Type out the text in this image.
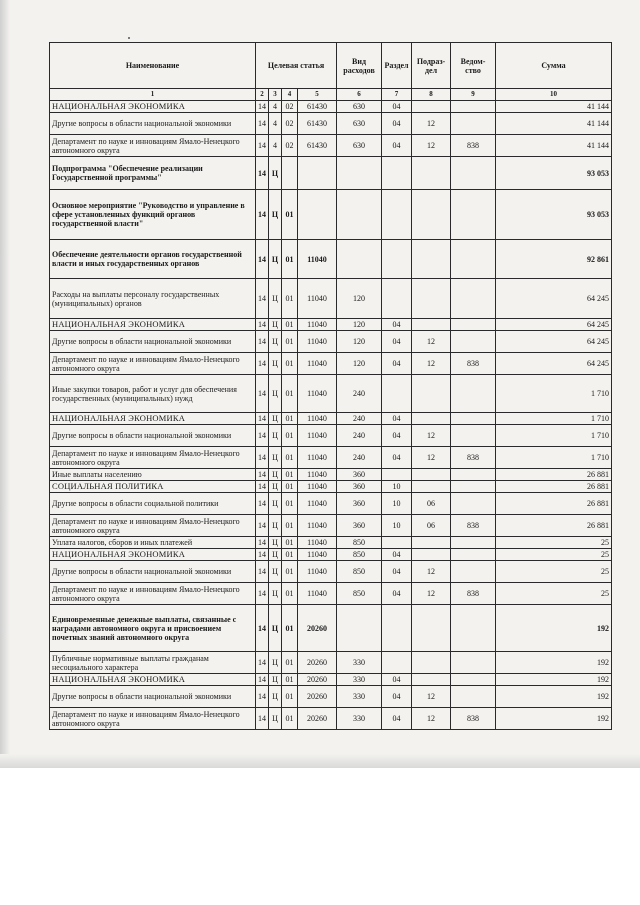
Наименование	Целевая статья				Вид расходов	Раздел	Подраз-дел	Ведом-ство	Сумма
1	2	3	4	5	6	7	8	9	10
НАЦИОНАЛЬНАЯ ЭКОНОМИКА	14	4	02	61430	630	04			41 144
Другие вопросы в области национальной экономики	14	4	02	61430	630	04	12		41 144
Департамент по науке и инновациям Ямало-Ненецкого автономного округа	14	4	02	61430	630	04	12	838	41 144
Подпрограмма "Обеспечение реализации Государственной программы"	14	Ц							93 053
Основное мероприятие "Руководство и управление в сфере установленных функций органов государственной власти"	14	Ц	01						93 053
Обеспечение деятельности органов государственной власти и иных государственных органов	14	Ц	01	11040					92 861
Расходы на выплаты персоналу государственных (муниципальных) органов	14	Ц	01	11040	120				64 245
НАЦИОНАЛЬНАЯ ЭКОНОМИКА	14	Ц	01	11040	120	04			64 245
Другие вопросы в области национальной экономики	14	Ц	01	11040	120	04	12		64 245
Департамент по науке и инновациям Ямало-Ненецкого автономного округа	14	Ц	01	11040	120	04	12	838	64 245
Иные закупки товаров, работ и услуг для обеспечения государственных (муниципальных) нужд	14	Ц	01	11040	240				1 710
НАЦИОНАЛЬНАЯ ЭКОНОМИКА	14	Ц	01	11040	240	04			1 710
Другие вопросы в области национальной экономики	14	Ц	01	11040	240	04	12		1 710
Департамент по науке и инновациям Ямало-Ненецкого автономного округа	14	Ц	01	11040	240	04	12	838	1 710
Иные выплаты населению	14	Ц	01	11040	360				26 881
СОЦИАЛЬНАЯ ПОЛИТИКА	14	Ц	01	11040	360	10			26 881
Другие вопросы в области социальной политики	14	Ц	01	11040	360	10	06		26 881
Департамент по науке и инновациям Ямало-Ненецкого автономного округа	14	Ц	01	11040	360	10	06	838	26 881
Уплата налогов, сборов и иных платежей	14	Ц	01	11040	850				25
НАЦИОНАЛЬНАЯ ЭКОНОМИКА	14	Ц	01	11040	850	04			25
Другие вопросы в области национальной экономики	14	Ц	01	11040	850	04	12		25
Департамент по науке и инновациям Ямало-Ненецкого автономного округа	14	Ц	01	11040	850	04	12	838	25
Единовременные денежные выплаты, связанные с наградами автономного округа и присвоением почетных званий автономного округа	14	Ц	01	20260					192
Публичные нормативные выплаты гражданам несоциального характера	14	Ц	01	20260	330				192
НАЦИОНАЛЬНАЯ ЭКОНОМИКА	14	Ц	01	20260	330	04			192
Другие вопросы в области национальной экономики	14	Ц	01	20260	330	04	12		192
Департамент по науке и инновациям Ямало-Ненецкого автономного округа	14	Ц	01	20260	330	04	12	838	192
